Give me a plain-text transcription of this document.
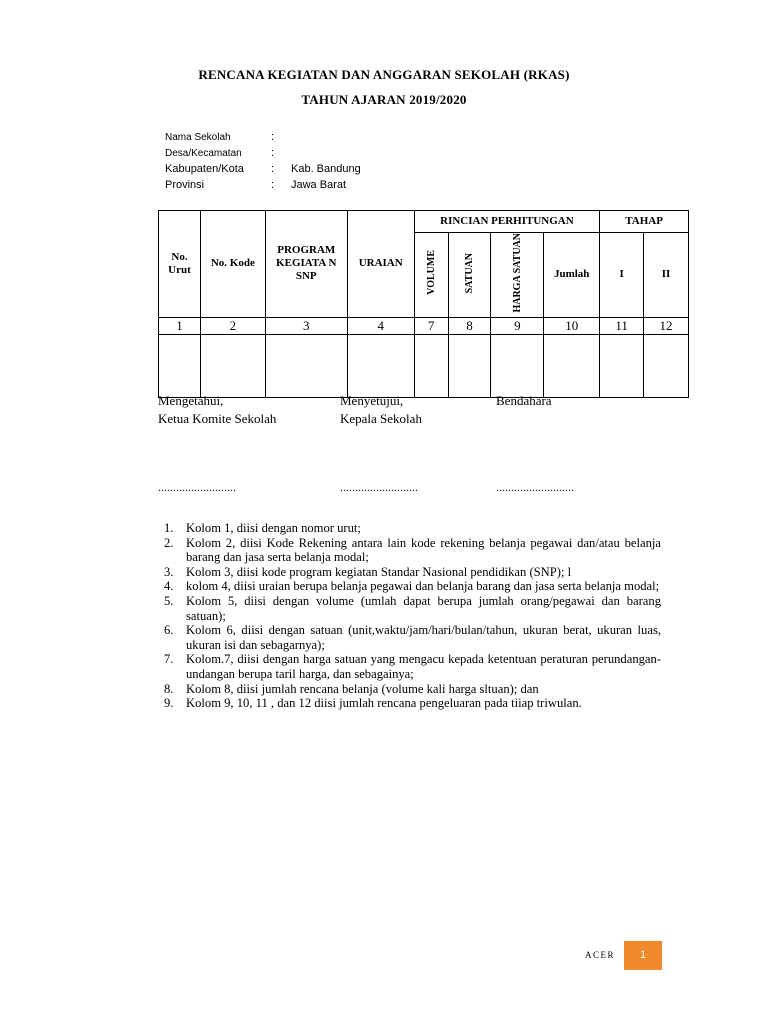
RENCANA KEGIATAN DAN ANGGARAN SEKOLAH (RKAS)
TAHUN AJARAN 2019/2020
Nama Sekolah	:
Desa/Kecamatan	:
Kabupaten/Kota : Kab. Bandung
Provinsi	: Jawa Barat
No. Urut	No. Kode	PROGRAM KEGIATA N SNP	URAIAN	RINCIAN PERHITUNGAN				TAHAP	
				VOLUME	SATUAN	HARGA SATUAN	Jumlah	I	II
1	2	3	4	7	8	9	10	11	12

Mengetahui,
Ketua Komite Sekolah
Menyetujui,
Kepala Sekolah
Bendahara
..........................	..........................	..........................
1. Kolom 1, diisi dengan nomor urut;
2. Kolom 2, diisi Kode Rekening antara lain kode rekening belanja pegawai dan/atau belanja barang dan jasa serta belanja modal;
3. Kolom 3, diisi kode program kegiatan Standar Nasional pendidikan (SNP); l
4. kolom 4, diisi uraian berupa belanja pegawai dan belanja barang dan jasa serta belanja modal;
5. Kolom 5, diisi dengan volume (umlah dapat berupa jumlah orang/pegawai dan barang satuan);
6. Kolom 6, diisi dengan satuan (unit,waktu/jam/hari/bulan/tahun, ukuran berat, ukuran luas, ukuran isi dan sebagarnya);
7. Kolom.7, diisi dengan harga satuan yang mengacu kepada ketentuan peraturan perundangan-undangan berupa taril harga, dan sebagainya;
8. Kolom 8, diisi jumlah rencana belanja (volume kali harga sltuan); dan
9. Kolom 9, 10, 11 , dan 12 diisi jumlah rencana pengeluaran pada tiiap triwulan.
ACER	1
